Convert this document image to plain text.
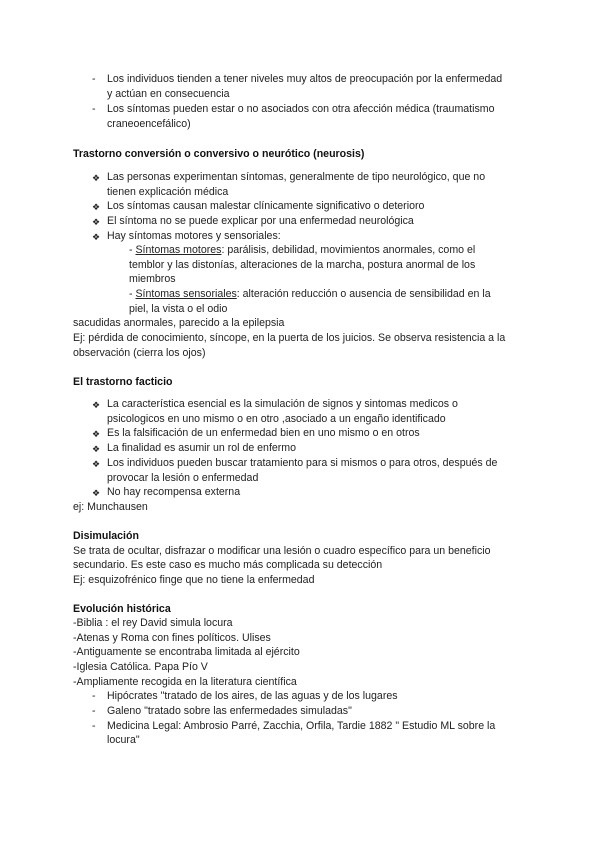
- Los individuos tienden a tener niveles muy altos de preocupación por la enfermedad
y actúan en consecuencia
- Los síntomas pueden estar o no asociados con otra afección médica (traumatismo
craneoencefálico)
Trastorno conversión o conversivo o neurótico (neurosis)
❖ Las personas experimentan síntomas, generalmente de tipo neurológico, que no
tienen explicación médica
❖ Los síntomas causan malestar clínicamente significativo o deterioro
❖ El síntoma no se puede explicar por una enfermedad neurológica
❖ Hay síntomas motores y sensoriales:
- Síntomas motores: parálisis, debilidad, movimientos anormales, como el
temblor y las distonías, alteraciones de la marcha, postura anormal de los
miembros
- Síntomas sensoriales: alteración reducción o ausencia de sensibilidad en la
piel, la vista o el odio
sacudidas anormales, parecido a la epilepsia
Ej: pérdida de conocimiento, síncope, en la puerta de los juicios. Se observa resistencia a la
observación (cierra los ojos)
El trastorno facticio
❖ La característica esencial es la simulación de signos y sintomas medicos o
psicologicos en uno mismo o en otro ,asociado a un engaño identificado
❖ Es la falsificación de un enfermedad bien en uno mismo o en otros
❖ La finalidad es asumir un rol de enfermo
❖ Los individuos pueden buscar tratamiento para si mismos o para otros, después de
provocar la lesión o enfermedad
❖ No hay recompensa externa
ej: Munchausen
Disimulación
Se trata de ocultar, disfrazar o modificar una lesión o cuadro específico para un beneficio
secundario. Es este caso es mucho más complicada su detección
Ej: esquizofrénico finge que no tiene la enfermedad
Evolución histórica
-Biblia : el rey David simula locura
-Atenas y Roma con fines políticos. Ulises
-Antiguamente se encontraba limitada al ejército
-Iglesia Católica. Papa Pío V
-Ampliamente recogida en la literatura científica
- Hipócrates "tratado de los aires, de las aguas y de los lugares
- Galeno "tratado sobre las enfermedades simuladas"
- Medicina Legal: Ambrosio Parré, Zacchia, Orfila, Tardie 1882 " Estudio ML sobre la
locura"
